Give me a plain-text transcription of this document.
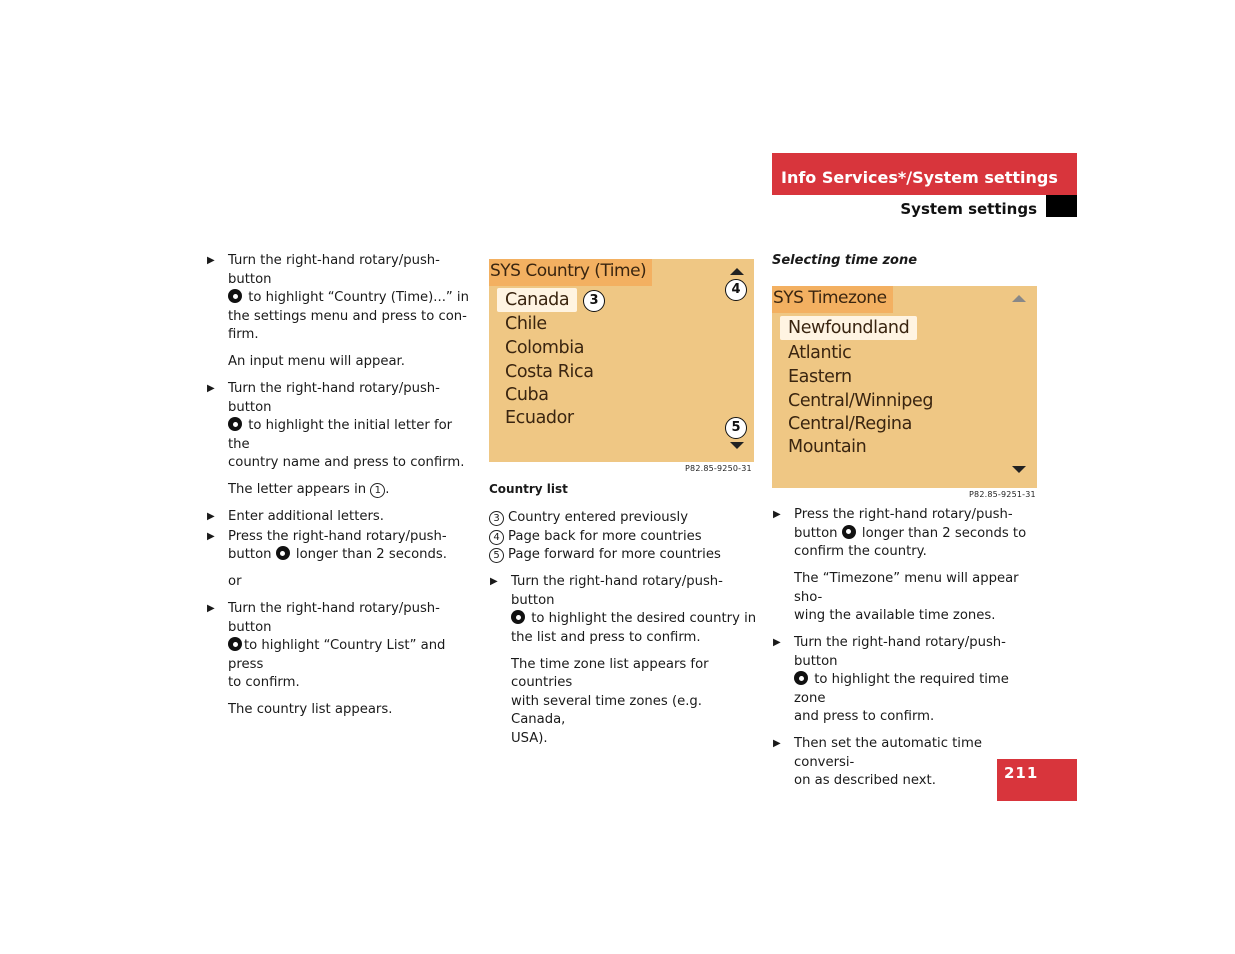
Info Services*/System settings
System settings
▶ Turn the right-hand rotary/push-button
to highlight “Country (Time)...” in
the settings menu and press to con-
firm.
An input menu will appear.
▶ Turn the right-hand rotary/push-button
to highlight the initial letter for the
country name and press to confirm.
The letter appears in 1 .
▶ Enter additional letters.
▶ Press the right-hand rotary/push-
button longer than 2 seconds.
or
▶ Turn the right-hand rotary/push-button
to highlight “Country List” and press
to confirm.
The country list appears.
SYS Country (Time)
Canada	3
Chile
Colombia
Costa Rica
Cuba
Ecuador
4
5
P82.85-9250-31
Country list
3 Country entered previously
4 Page back for more countries
5 Page forward for more countries
▶ Turn the right-hand rotary/push-button
to highlight the desired country in
the list and press to confirm.
The time zone list appears for countries
with several time zones (e.g. Canada,
USA).
Selecting time zone
SYS Timezone
Newfoundland
Atlantic
Eastern
Central/Winnipeg
Central/Regina
Mountain
P82.85-9251-31
▶ Press the right-hand rotary/push-
button longer than 2 seconds to
confirm the country.
The “Timezone” menu will appear sho-
wing the available time zones.
▶ Turn the right-hand rotary/push-button
to highlight the required time zone
and press to confirm.
▶ Then set the automatic time conversi-
on as described next.	211
